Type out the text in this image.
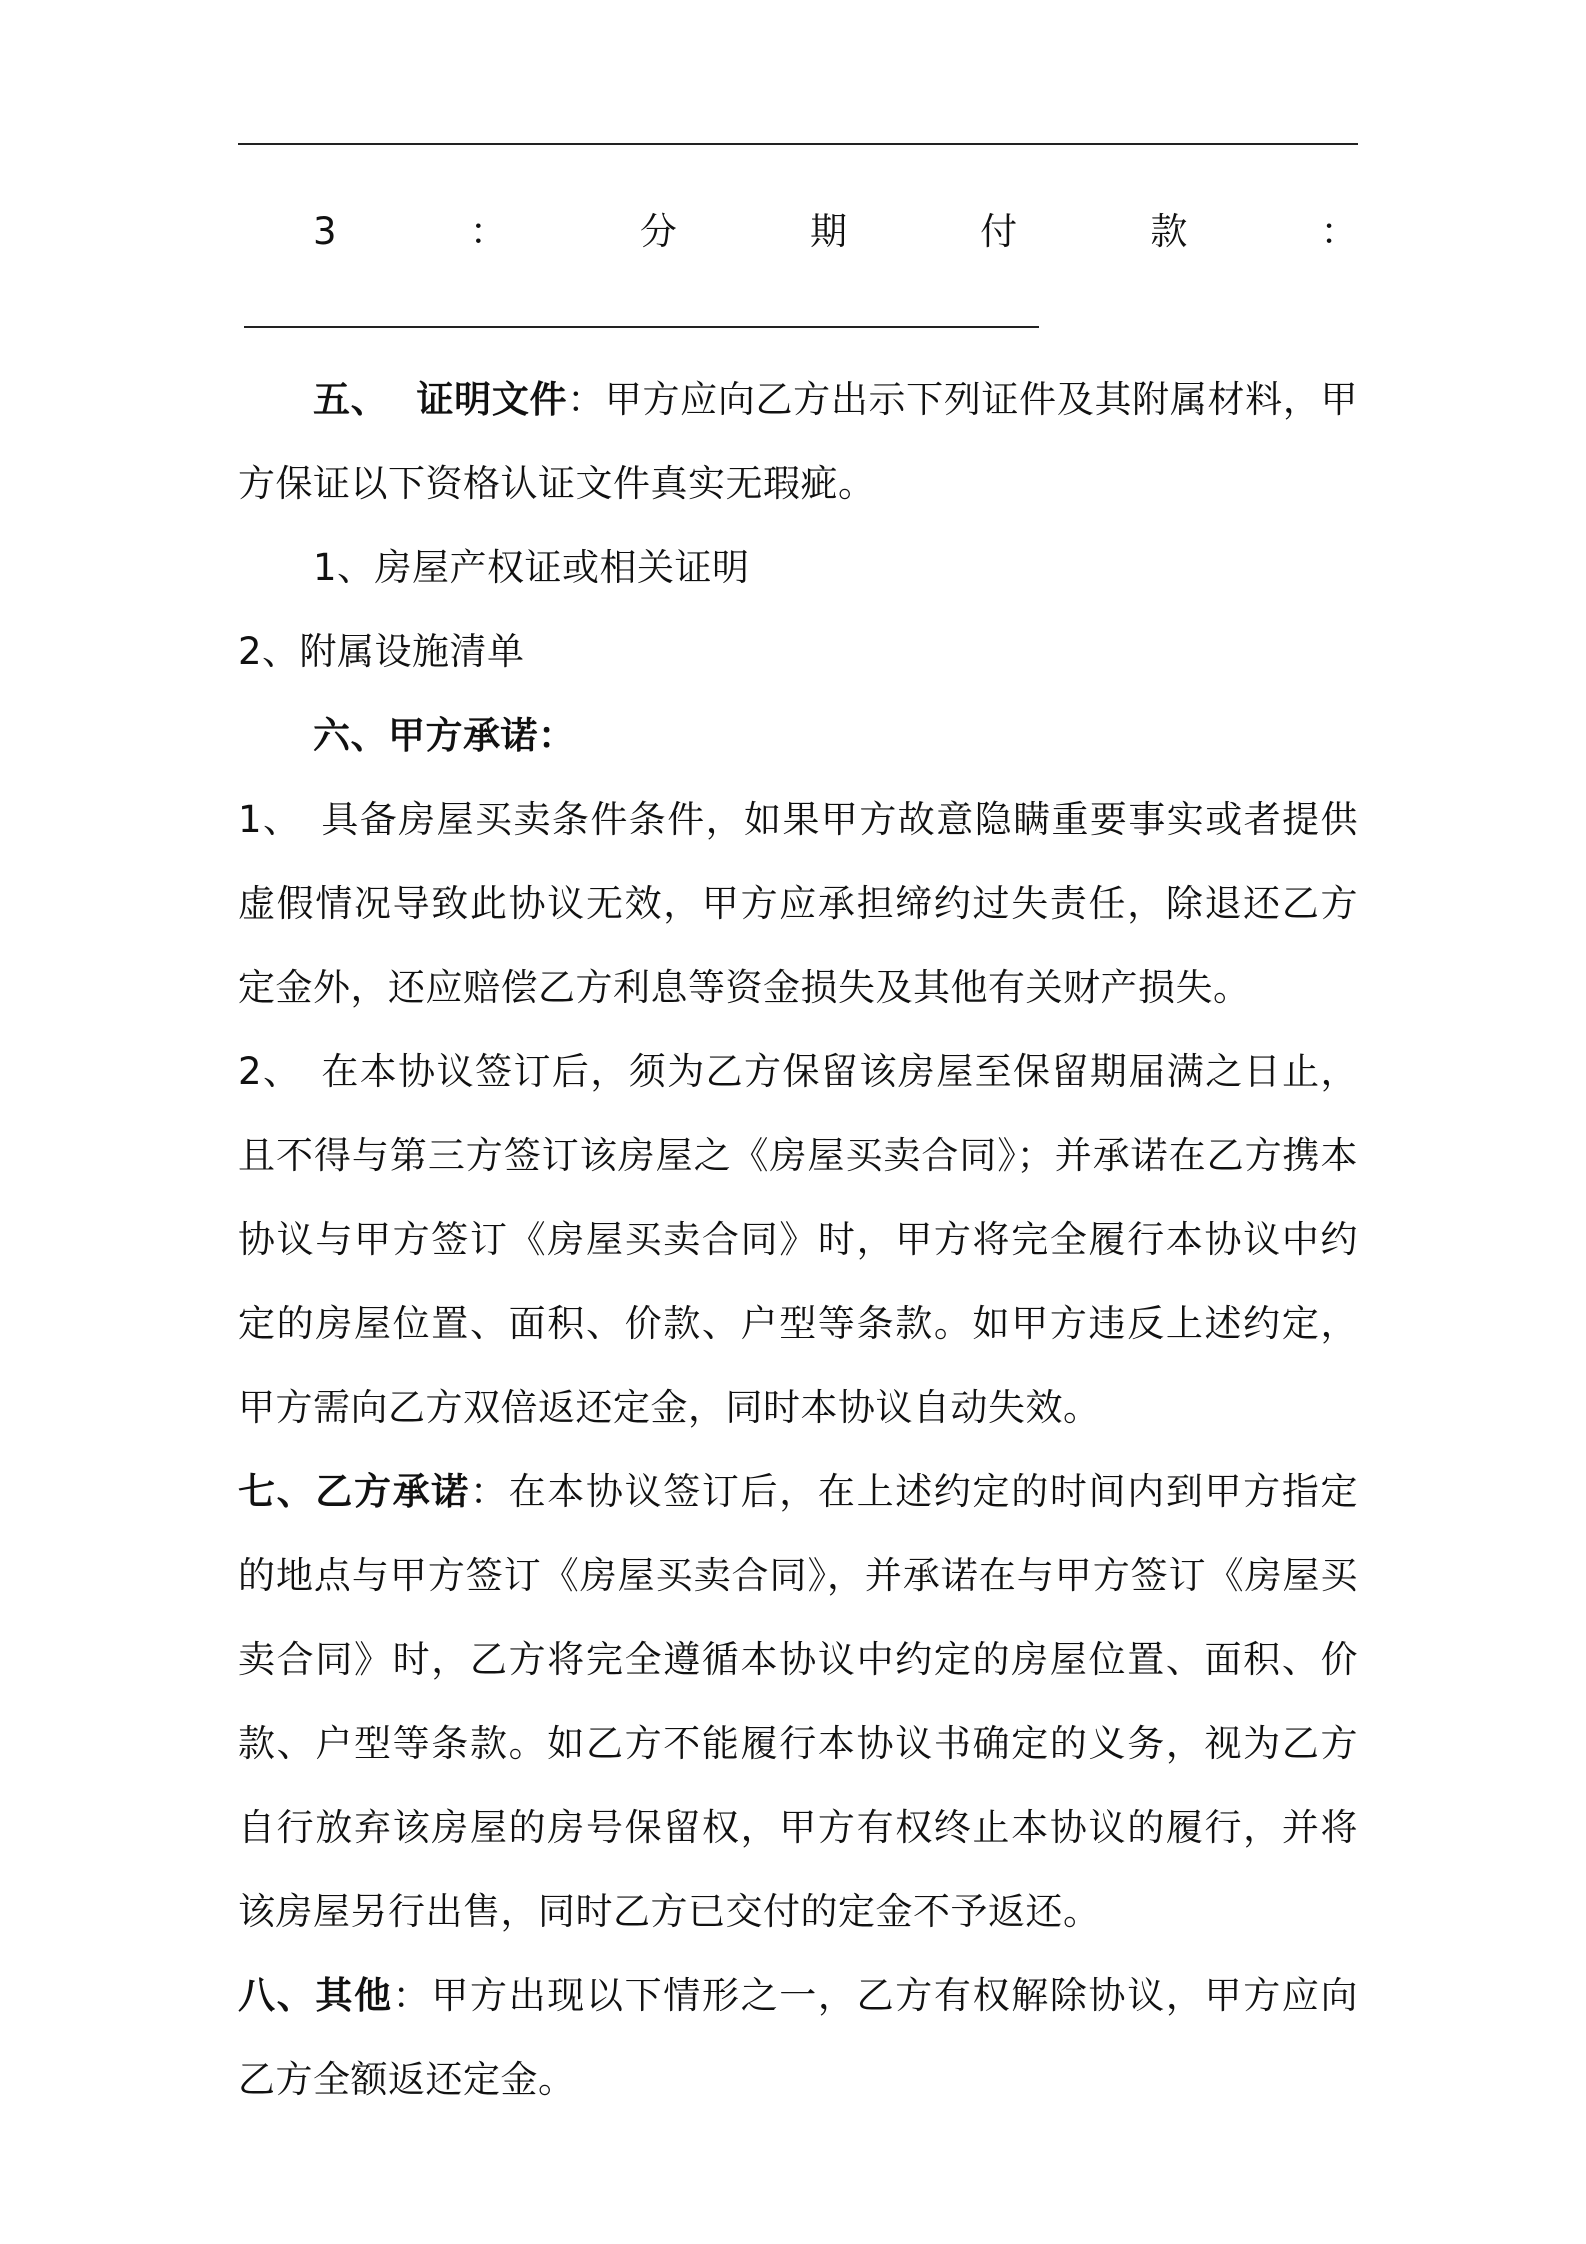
3：分期付款：

五、 证明文件：甲方应向乙方出示下列证件及其附属材料，甲方保证以下资格认证文件真实无瑕疵。

1、房屋产权证或相关证明

2、附属设施清单

六、甲方承诺：

1、　具备房屋买卖条件条件，如果甲方故意隐瞒重要事实或者提供虚假情况导致此协议无效，甲方应承担缔约过失责任，除退还乙方定金外，还应赔偿乙方利息等资金损失及其他有关财产损失。

2、　在本协议签订后，须为乙方保留该房屋至保留期届满之日止，且不得与第三方签订该房屋之《房屋买卖合同》；并承诺在乙方携本协议与甲方签订《房屋买卖合同》时，甲方将完全履行本协议中约定的房屋位置、面积、价款、户型等条款。如甲方违反上述约定，甲方需向乙方双倍返还定金，同时本协议自动失效。

七、乙方承诺：在本协议签订后，在上述约定的时间内到甲方指定的地点与甲方签订《房屋买卖合同》，并承诺在与甲方签订《房屋买卖合同》时，乙方将完全遵循本协议中约定的房屋位置、面积、价款、户型等条款。如乙方不能履行本协议书确定的义务，视为乙方自行放弃该房屋的房号保留权，甲方有权终止本协议的履行，并将该房屋另行出售，同时乙方已交付的定金不予返还。

八、其他：甲方出现以下情形之一，乙方有权解除协议，甲方应向乙方全额返还定金。
